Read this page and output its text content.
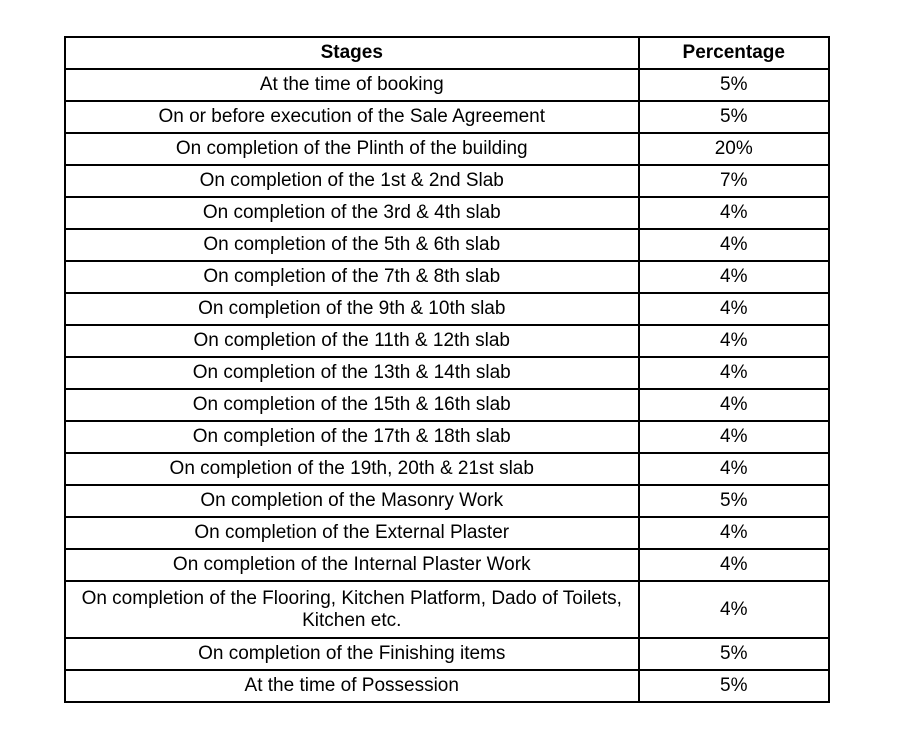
Stages	Percentage
At the time of booking	5%
On or before execution of the Sale Agreement	5%
On completion of the Plinth of the building	20%
On completion of the 1st & 2nd Slab	7%
On completion of the 3rd & 4th slab	4%
On completion of the 5th & 6th slab	4%
On completion of the 7th & 8th slab	4%
On completion of the 9th & 10th slab	4%
On completion of the 11th & 12th slab	4%
On completion of the 13th & 14th slab	4%
On completion of the 15th & 16th slab	4%
On completion of the 17th & 18th slab	4%
On completion of the 19th, 20th & 21st slab	4%
On completion of the Masonry Work	5%
On completion of the External Plaster	4%
On completion of the Internal Plaster Work	4%
On completion of the Flooring, Kitchen Platform, Dado of Toilets, Kitchen etc.	4%
On completion of the Finishing items	5%
At the time of Possession	5%
